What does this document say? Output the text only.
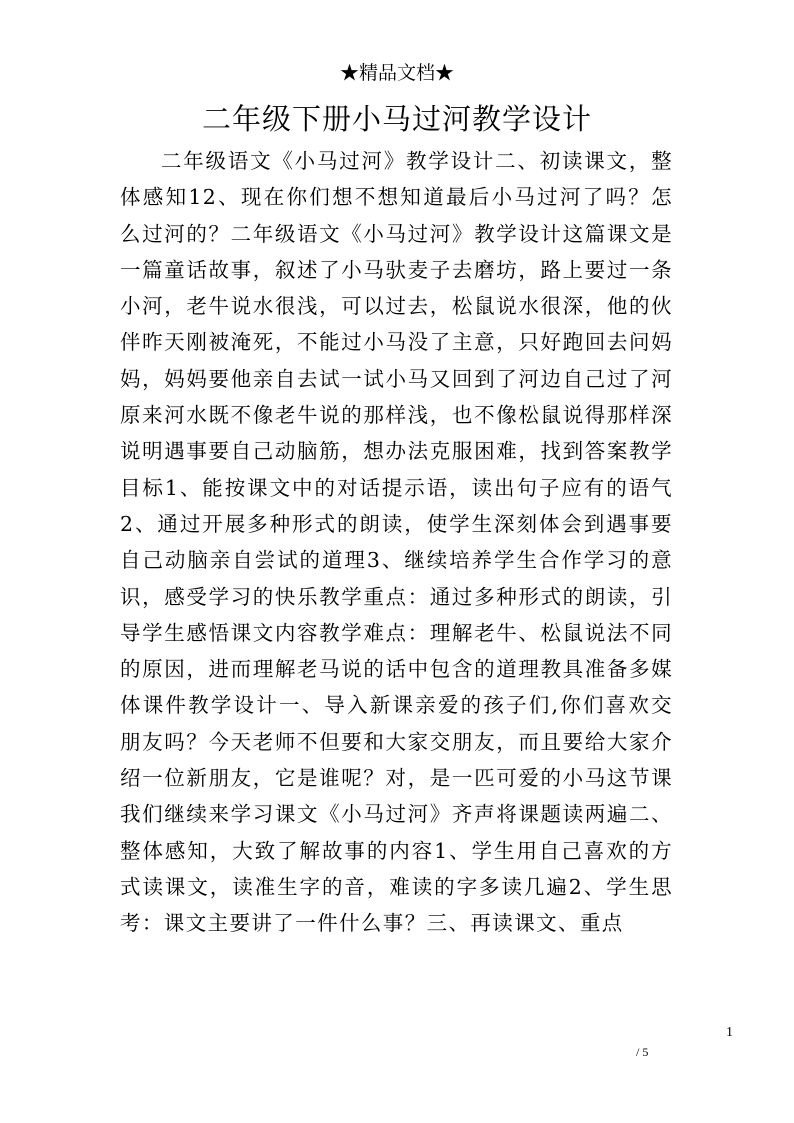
★精品文档★
二年级下册小马过河教学设计
二年级语文《小马过河》教学设计二、初读课文，整体感知12、现在你们想不想知道最后小马过河了吗？怎么过河的？二年级语文《小马过河》教学设计这篇课文是一篇童话故事，叙述了小马驮麦子去磨坊，路上要过一条小河，老牛说水很浅，可以过去，松鼠说水很深，他的伙伴昨天刚被淹死，不能过小马没了主意，只好跑回去问妈妈，妈妈要他亲自去试一试小马又回到了河边自己过了河原来河水既不像老牛说的那样浅，也不像松鼠说得那样深说明遇事要自己动脑筋，想办法克服困难，找到答案教学目标1、能按课文中的对话提示语，读出句子应有的语气2、通过开展多种形式的朗读，使学生深刻体会到遇事要自己动脑亲自尝试的道理3、继续培养学生合作学习的意识，感受学习的快乐教学重点：通过多种形式的朗读，引导学生感悟课文内容教学难点：理解老牛、松鼠说法不同的原因，进而理解老马说的话中包含的道理教具准备多媒体课件教学设计一、导入新课亲爱的孩子们,你们喜欢交朋友吗？今天老师不但要和大家交朋友，而且要给大家介绍一位新朋友，它是谁呢？对，是一匹可爱的小马这节课我们继续来学习课文《小马过河》齐声将课题读两遍二、整体感知，大致了解故事的内容1、学生用自己喜欢的方式读课文，读准生字的音，难读的字多读几遍2、学生思考：课文主要讲了一件什么事？三、再读课文、重点
1
/ 5
